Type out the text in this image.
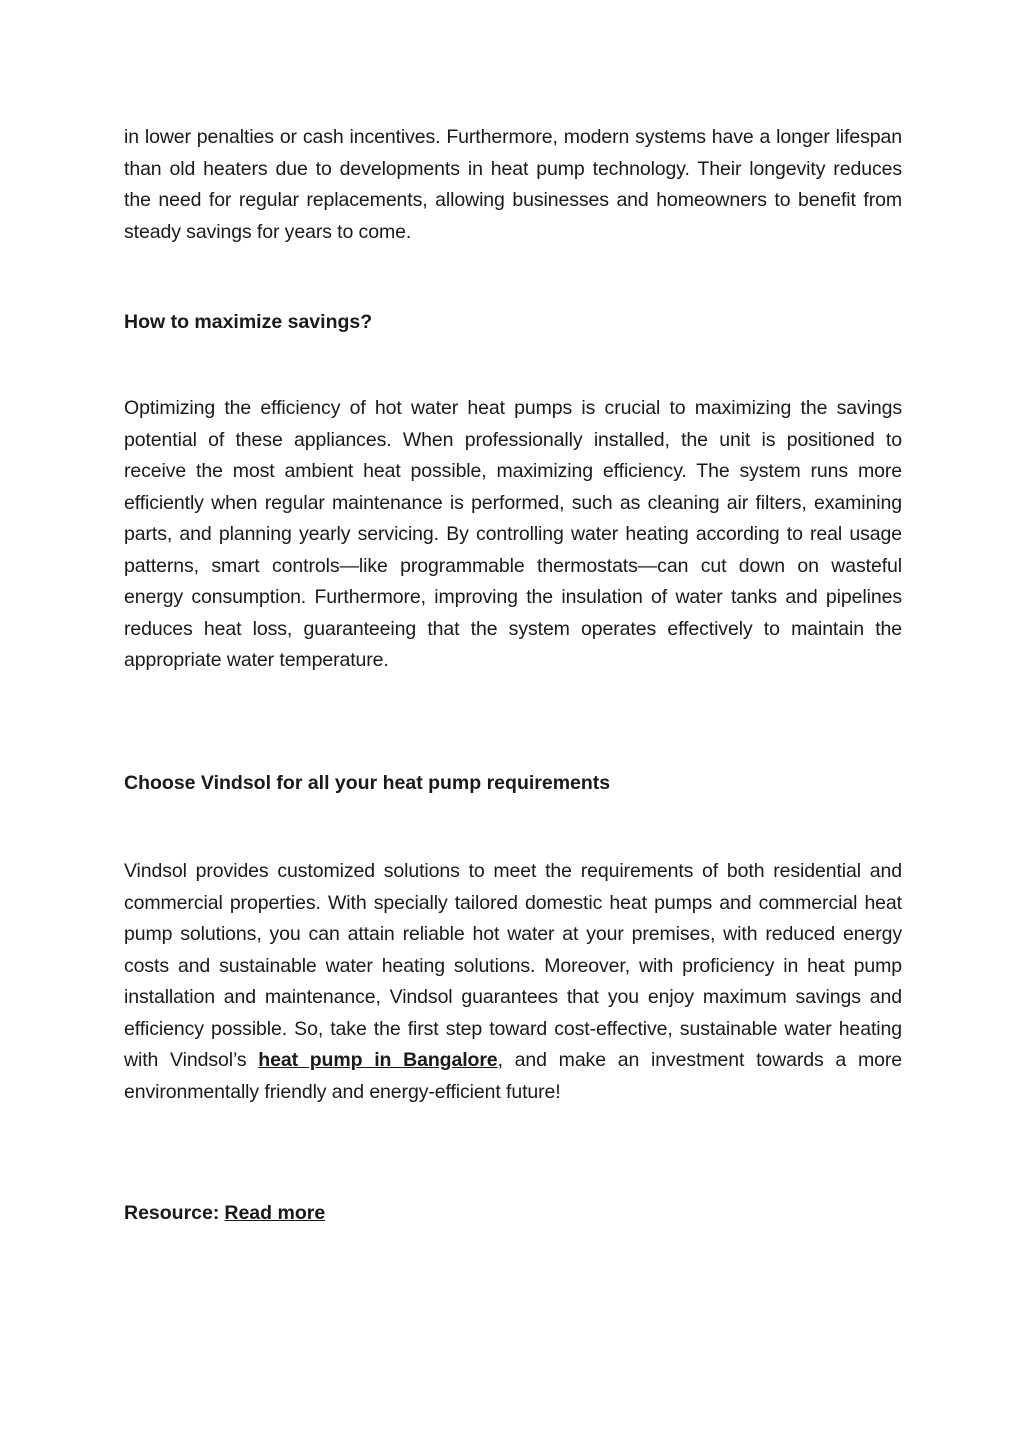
in lower penalties or cash incentives. Furthermore, modern systems have a longer lifespan than old heaters due to developments in heat pump technology. Their longevity reduces the need for regular replacements, allowing businesses and homeowners to benefit from steady savings for years to come.

How to maximize savings?

Optimizing the efficiency of hot water heat pumps is crucial to maximizing the savings potential of these appliances. When professionally installed, the unit is positioned to receive the most ambient heat possible, maximizing efficiency. The system runs more efficiently when regular maintenance is performed, such as cleaning air filters, examining parts, and planning yearly servicing. By controlling water heating according to real usage patterns, smart controls—like programmable thermostats—can cut down on wasteful energy consumption. Furthermore, improving the insulation of water tanks and pipelines reduces heat loss, guaranteeing that the system operates effectively to maintain the appropriate water temperature.

Choose Vindsol for all your heat pump requirements

Vindsol provides customized solutions to meet the requirements of both residential and commercial properties. With specially tailored domestic heat pumps and commercial heat pump solutions, you can attain reliable hot water at your premises, with reduced energy costs and sustainable water heating solutions. Moreover, with proficiency in heat pump installation and maintenance, Vindsol guarantees that you enjoy maximum savings and efficiency possible. So, take the first step toward cost-effective, sustainable water heating with Vindsol’s heat pump in Bangalore, and make an investment towards a more environmentally friendly and energy-efficient future!

Resource: Read more
